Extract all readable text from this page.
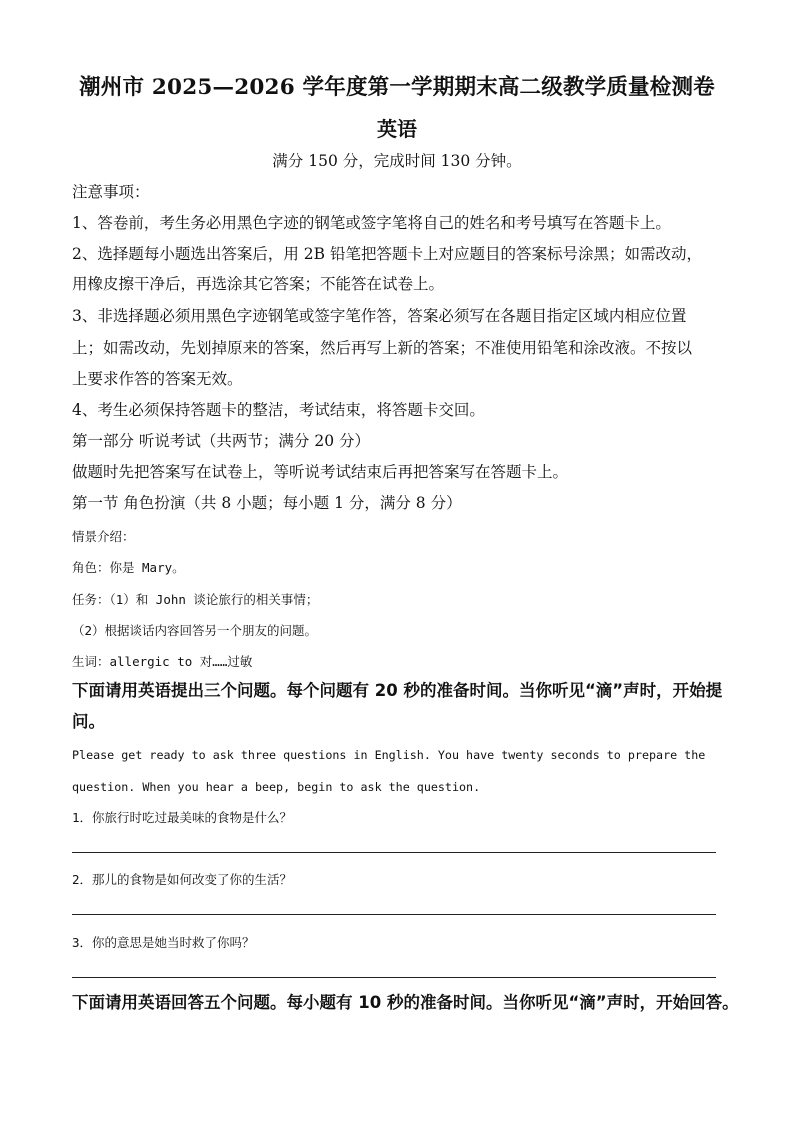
潮州市 2025—2026 学年度第一学期期末高二级教学质量检测卷
英语
满分 150 分，完成时间 130 分钟。
注意事项：
1、答卷前，考生务必用黑色字迹的钢笔或签字笔将自己的姓名和考号填写在答题卡上。
2、选择题每小题选出答案后，用 2B 铅笔把答题卡上对应题目的答案标号涂黑；如需改动，
用橡皮擦干净后，再选涂其它答案；不能答在试卷上。
3、非选择题必须用黑色字迹钢笔或签字笔作答，答案必须写在各题目指定区域内相应位置
上；如需改动，先划掉原来的答案，然后再写上新的答案；不准使用铅笔和涂改液。不按以
上要求作答的答案无效。
4、考生必须保持答题卡的整洁，考试结束，将答题卡交回。
第一部分 听说考试（共两节；满分 20 分）
做题时先把答案写在试卷上，等听说考试结束后再把答案写在答题卡上。
第一节 角色扮演（共 8 小题；每小题 1 分，满分 8 分）
情景介绍：
角色：你是 Mary。
任务：（1）和 John 谈论旅行的相关事情；
（2）根据谈话内容回答另一个朋友的问题。
生词：allergic to 对……过敏
下面请用英语提出三个问题。每个问题有 20 秒的准备时间。当你听见“滴”声时，开始提
问。
Please get ready to ask three questions in English. You have twenty seconds to prepare the
question. When you hear a beep, begin to ask the question.
1．你旅行时吃过最美味的食物是什么？
2．那儿的食物是如何改变了你的生活？
3．你的意思是她当时救了你吗？
下面请用英语回答五个问题。每小题有 10 秒的准备时间。当你听见“滴”声时，开始回答。
